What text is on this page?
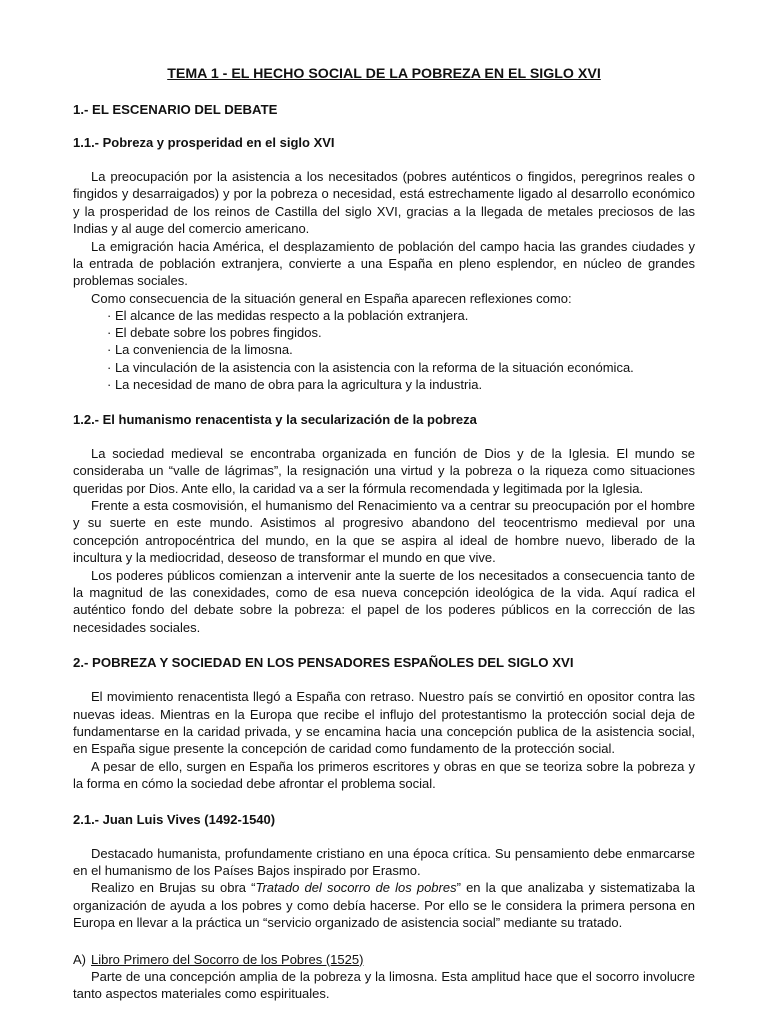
TEMA 1 - EL HECHO SOCIAL DE LA POBREZA EN EL SIGLO XVI
1.- EL ESCENARIO DEL DEBATE
1.1.- Pobreza y prosperidad en el siglo XVI

La preocupación por la asistencia a los necesitados (pobres auténticos o fingidos, peregrinos reales o fingidos y desarraigados) y por la pobreza o necesidad, está estrechamente ligado al desarrollo económico y la prosperidad de los reinos de Castilla del siglo XVI, gracias a la llegada de metales preciosos de las Indias y al auge del comercio americano.

La emigración hacia América, el desplazamiento de población del campo hacia las grandes ciudades y la entrada de población extranjera, convierte a una España en pleno esplendor, en núcleo de grandes problemas sociales.

Como consecuencia de la situación general en España aparecen reflexiones como:

· El alcance de las medidas respecto a la población extranjera.
· El debate sobre los pobres fingidos.
· La conveniencia de la limosna.
· La vinculación de la asistencia con la asistencia con la reforma de la situación económica.
· La necesidad de mano de obra para la agricultura y la industria.
1.2.- El humanismo renacentista y la secularización de la pobreza

La sociedad medieval se encontraba organizada en función de Dios y de la Iglesia. El mundo se consideraba un “valle de lágrimas”, la resignación una virtud y la pobreza o la riqueza como situaciones queridas por Dios. Ante ello, la caridad va a ser la fórmula recomendada y legitimada por la Iglesia.

Frente a esta cosmovisión, el humanismo del Renacimiento va a centrar su preocupación por el hombre y su suerte en este mundo. Asistimos al progresivo abandono del teocentrismo medieval por una concepción antropocéntrica del mundo, en la que se aspira al ideal de hombre nuevo, liberado de la incultura y la mediocridad, deseoso de transformar el mundo en que vive.

Los poderes públicos comienzan a intervenir ante la suerte de los necesitados a consecuencia tanto de la magnitud de las conexidades, como de esa nueva concepción ideológica de la vida. Aquí radica el auténtico fondo del debate sobre la pobreza: el papel de los poderes públicos en la corrección de las necesidades sociales.

2.- POBREZA Y SOCIEDAD EN LOS PENSADORES ESPAÑOLES DEL SIGLO XVI

El movimiento renacentista llegó a España con retraso. Nuestro país se convirtió en opositor contra las nuevas ideas. Mientras en la Europa que recibe el influjo del protestantismo la protección social deja de fundamentarse en la caridad privada, y se encamina hacia una concepción publica de la asistencia social, en España sigue presente la concepción de caridad como fundamento de la protección social.

A pesar de ello, surgen en España los primeros escritores y obras en que se teoriza sobre la pobreza y la forma en cómo la sociedad debe afrontar el problema social.

2.1.- Juan Luis Vives (1492-1540)

Destacado humanista, profundamente cristiano en una época crítica. Su pensamiento debe enmarcarse en el humanismo de los Países Bajos inspirado por Erasmo.

Realizo en Brujas su obra “Tratado del socorro de los pobres” en la que analizaba y sistematizaba la organización de ayuda a los pobres y como debía hacerse. Por ello se le considera la primera persona en Europa en llevar a la práctica un “servicio organizado de asistencia social” mediante su tratado.

A) Libro Primero del Socorro de los Pobres (1525)

Parte de una concepción amplia de la pobreza y la limosna. Esta amplitud hace que el socorro involucre tanto aspectos materiales como espirituales.
